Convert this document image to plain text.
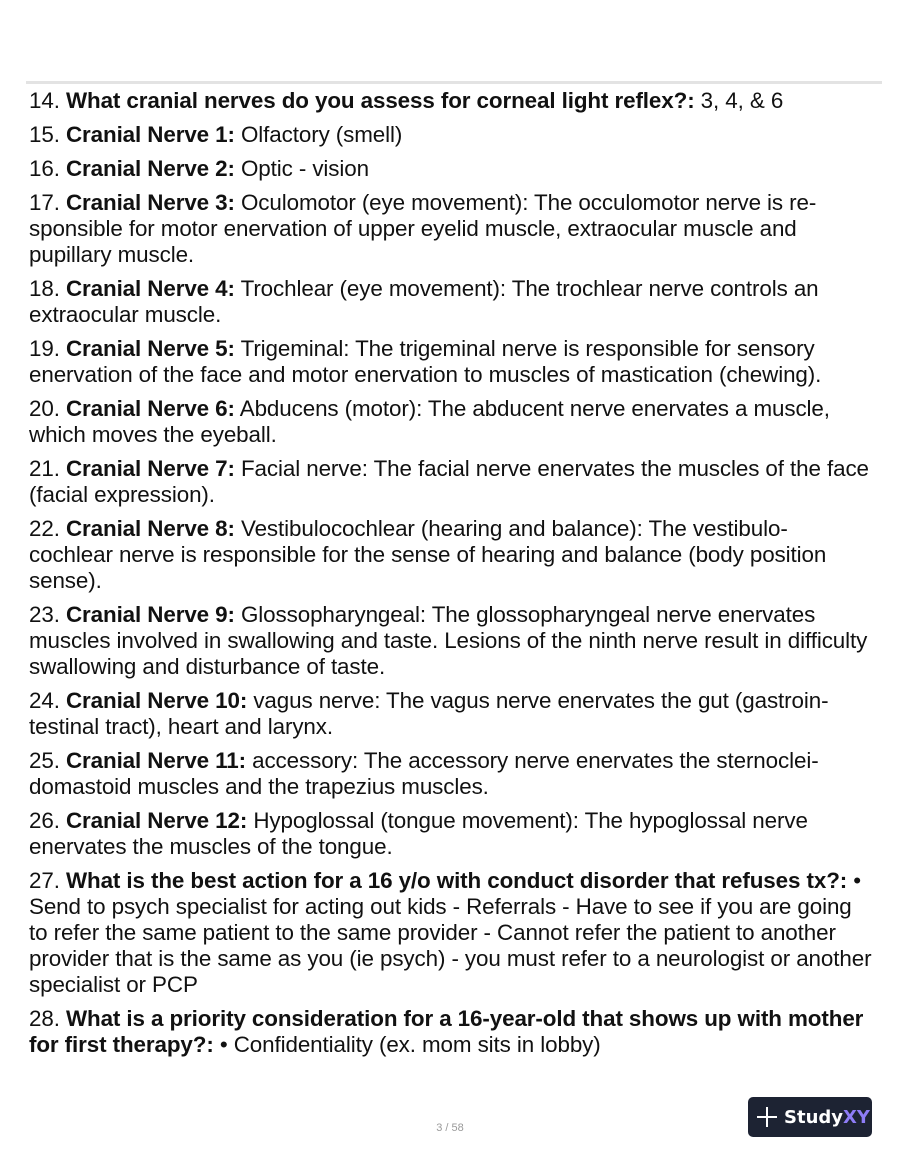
14. What cranial nerves do you assess for corneal light reflex?: 3, 4, & 6

15. Cranial Nerve 1: Olfactory (smell)

16. Cranial Nerve 2: Optic - vision

17. Cranial Nerve 3: Oculomotor (eye movement): The occulomotor nerve is re- sponsible for motor enervation of upper eyelid muscle, extraocular muscle and pupillary muscle.

18. Cranial Nerve 4: Trochlear (eye movement): The trochlear nerve controls an extraocular muscle.

19. Cranial Nerve 5: Trigeminal: The trigeminal nerve is responsible for sensory enervation of the face and motor enervation to muscles of mastication (chewing).

20. Cranial Nerve 6: Abducens (motor): The abducent nerve enervates a muscle, which moves the eyeball.

21. Cranial Nerve 7: Facial nerve: The facial nerve enervates the muscles of the face (facial expression).

22. Cranial Nerve 8: Vestibulocochlear (hearing and balance): The vestibulo- cochlear nerve is responsible for the sense of hearing and balance (body position sense).

23. Cranial Nerve 9: Glossopharyngeal: The glossopharyngeal nerve enervates muscles involved in swallowing and taste. Lesions of the ninth nerve result in difficulty swallowing and disturbance of taste.

24. Cranial Nerve 10: vagus nerve: The vagus nerve enervates the gut (gastroin- testinal tract), heart and larynx.

25. Cranial Nerve 11: accessory: The accessory nerve enervates the sternoclei- domastoid muscles and the trapezius muscles.

26. Cranial Nerve 12: Hypoglossal (tongue movement): The hypoglossal nerve enervates the muscles of the tongue.

27. What is the best action for a 16 y/o with conduct disorder that refuses tx?: • Send to psych specialist for acting out kids - Referrals - Have to see if you are going to refer the same patient to the same provider - Cannot refer the patient to another provider that is the same as you (ie psych) - you must refer to a neurologist or another specialist or PCP

28. What is a priority consideration for a 16-year-old that shows up with mother for first therapy?: • Confidentiality (ex. mom sits in lobby)

3 / 58
Study XY
